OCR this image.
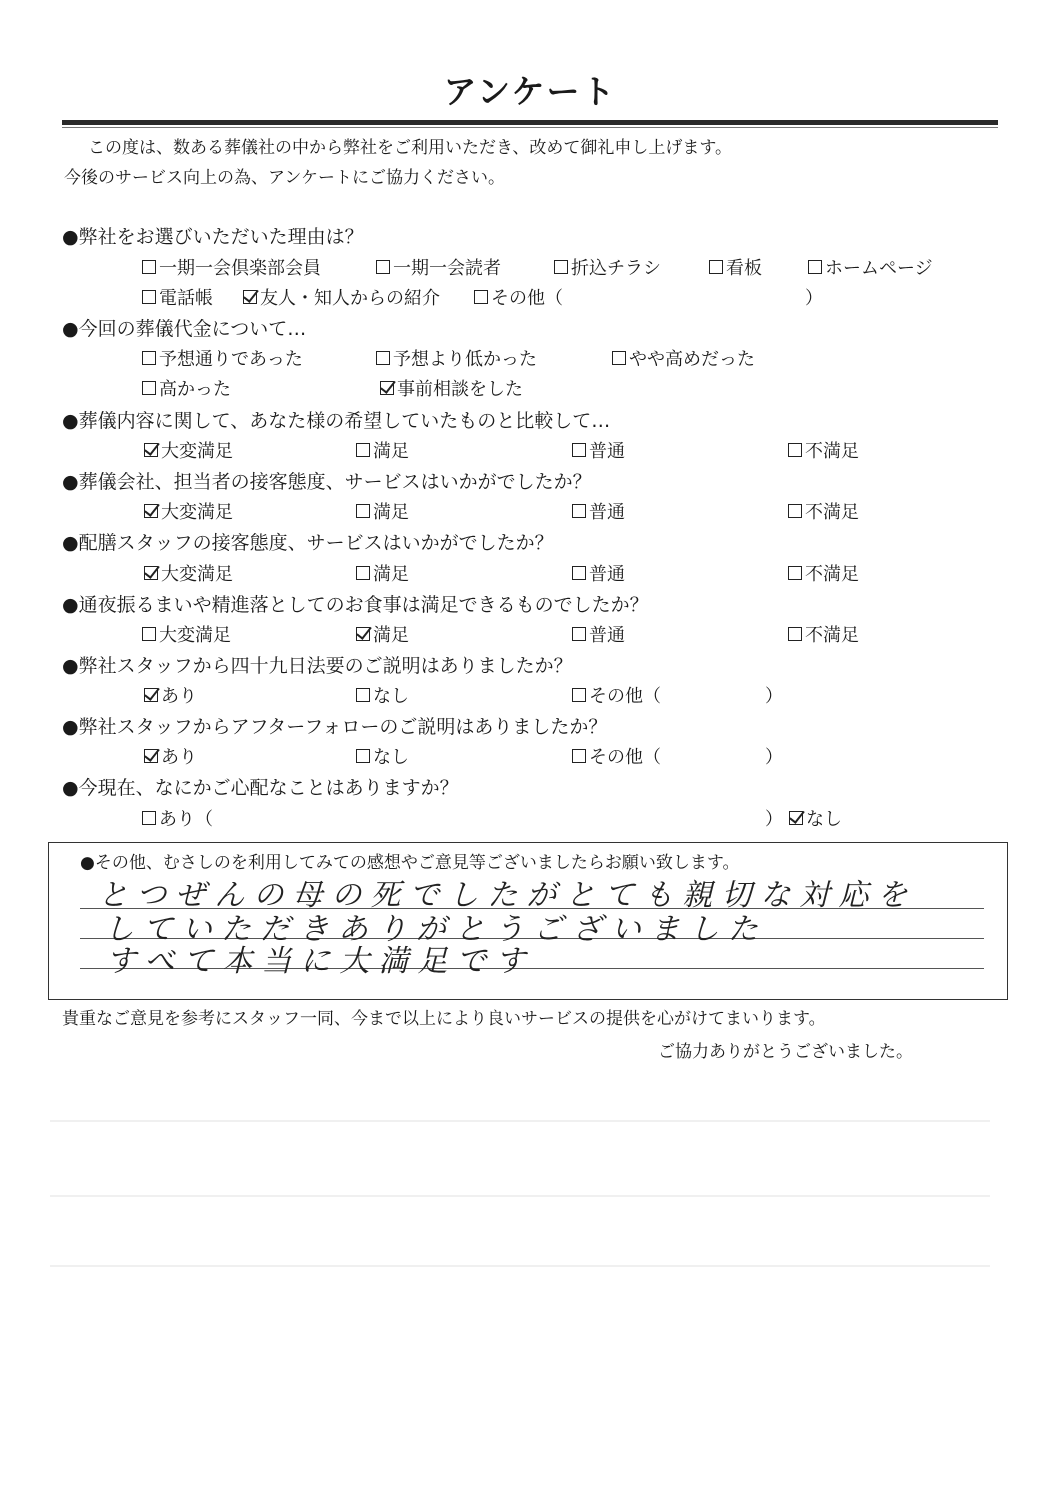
アンケート
この度は、数ある葬儀社の中から弊社をご利用いただき、改めて御礼申し上げます。
今後のサービス向上の為、アンケートにご協力ください。
●弊社をお選びいただいた理由は？
一期一会倶楽部会員	一期一会読者	折込チラシ	看板	ホームページ
電話帳	友人・知人からの紹介	その他（	）
●今回の葬儀代金について…
予想通りであった	予想より低かった	やや高めだった
高かった	事前相談をした
●葬儀内容に関して、あなた様の希望していたものと比較して…
大変満足	満足	普通	不満足
●葬儀会社、担当者の接客態度、サービスはいかがでしたか？
大変満足	満足	普通	不満足
●配膳スタッフの接客態度、サービスはいかがでしたか？
大変満足	満足	普通	不満足
●通夜振るまいや精進落としてのお食事は満足できるものでしたか？
大変満足	満足	普通	不満足
●弊社スタッフから四十九日法要のご説明はありましたか？
あり	なし	その他（	）
●弊社スタッフからアフターフォローのご説明はありましたか？
あり	なし	その他（	）
●今現在、なにかご心配なことはありますか？
あり（	） なし
●その他、むさしのを利用してみての感想やご意見等ございましたらお願い致します。
とつぜんの母の死でしたがとても親切な対応を
していただきありがとうございました
すべて本当に大満足です
貴重なご意見を参考にスタッフ一同、今まで以上により良いサービスの提供を心がけてまいります。
ご協力ありがとうございました。
